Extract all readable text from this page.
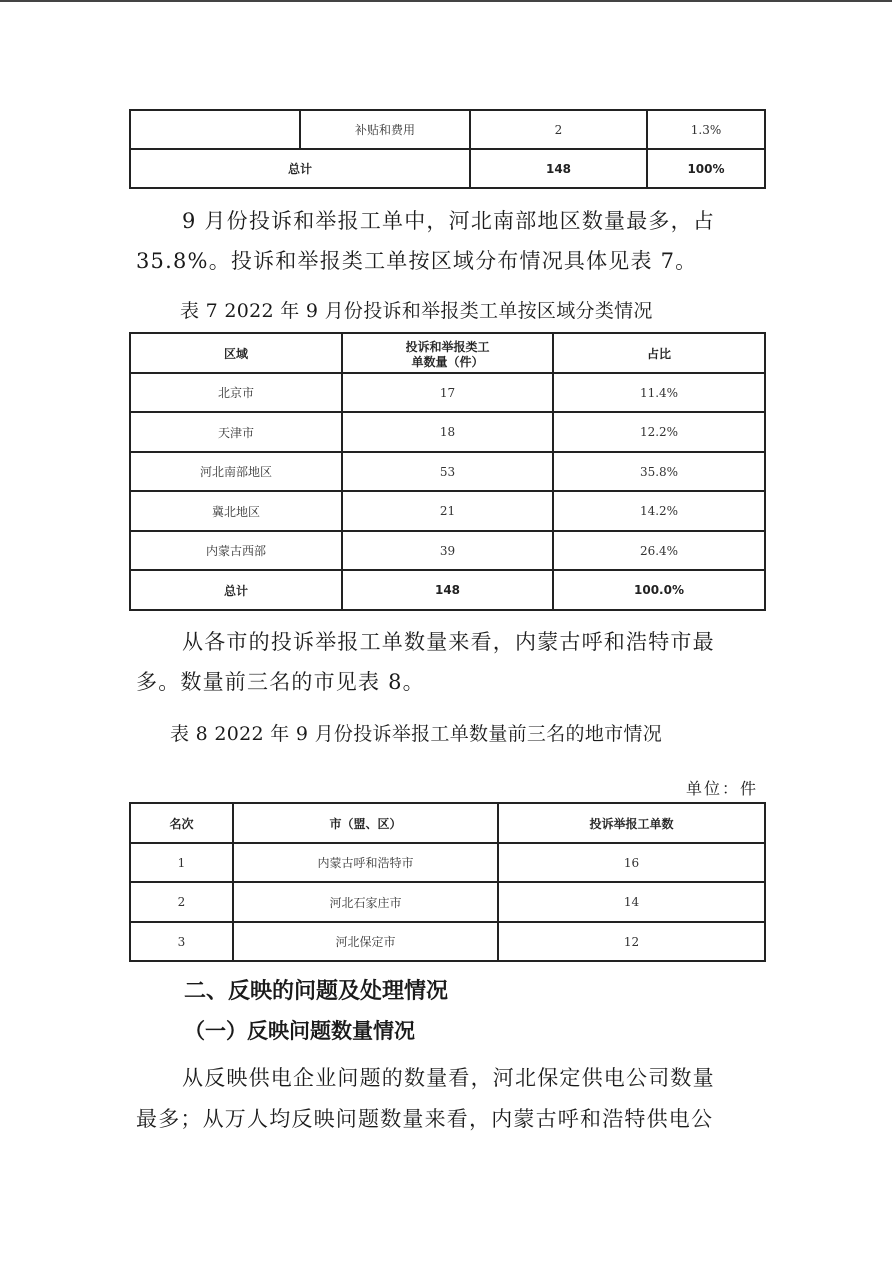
	补贴和费用	2	1.3%
总计		148	100%

9 月份投诉和举报工单中，河北南部地区数量最多，占

35.8%。投诉和举报类工单按区域分布情况具体见表 7。

表 7 2022 年 9 月份投诉和举报类工单按区域分类情况
区域	投诉和举报类工单数量（件）	占比
北京市	17	11.4%
天津市	18	12.2%
河北南部地区	53	35.8%
冀北地区	21	14.2%
内蒙古西部	39	26.4%
总计	148	100.0%

从各市的投诉举报工单数量来看，内蒙古呼和浩特市最

多。数量前三名的市见表 8。

表 8 2022 年 9 月份投诉举报工单数量前三名的地市情况
单位：件
名次	市（盟、区）	投诉举报工单数
1	内蒙古呼和浩特市	16
2	河北石家庄市	14
3	河北保定市	12
二、反映的问题及处理情况
（一）反映问题数量情况

从反映供电企业问题的数量看，河北保定供电公司数量

最多；从万人均反映问题数量来看，内蒙古呼和浩特供电公
